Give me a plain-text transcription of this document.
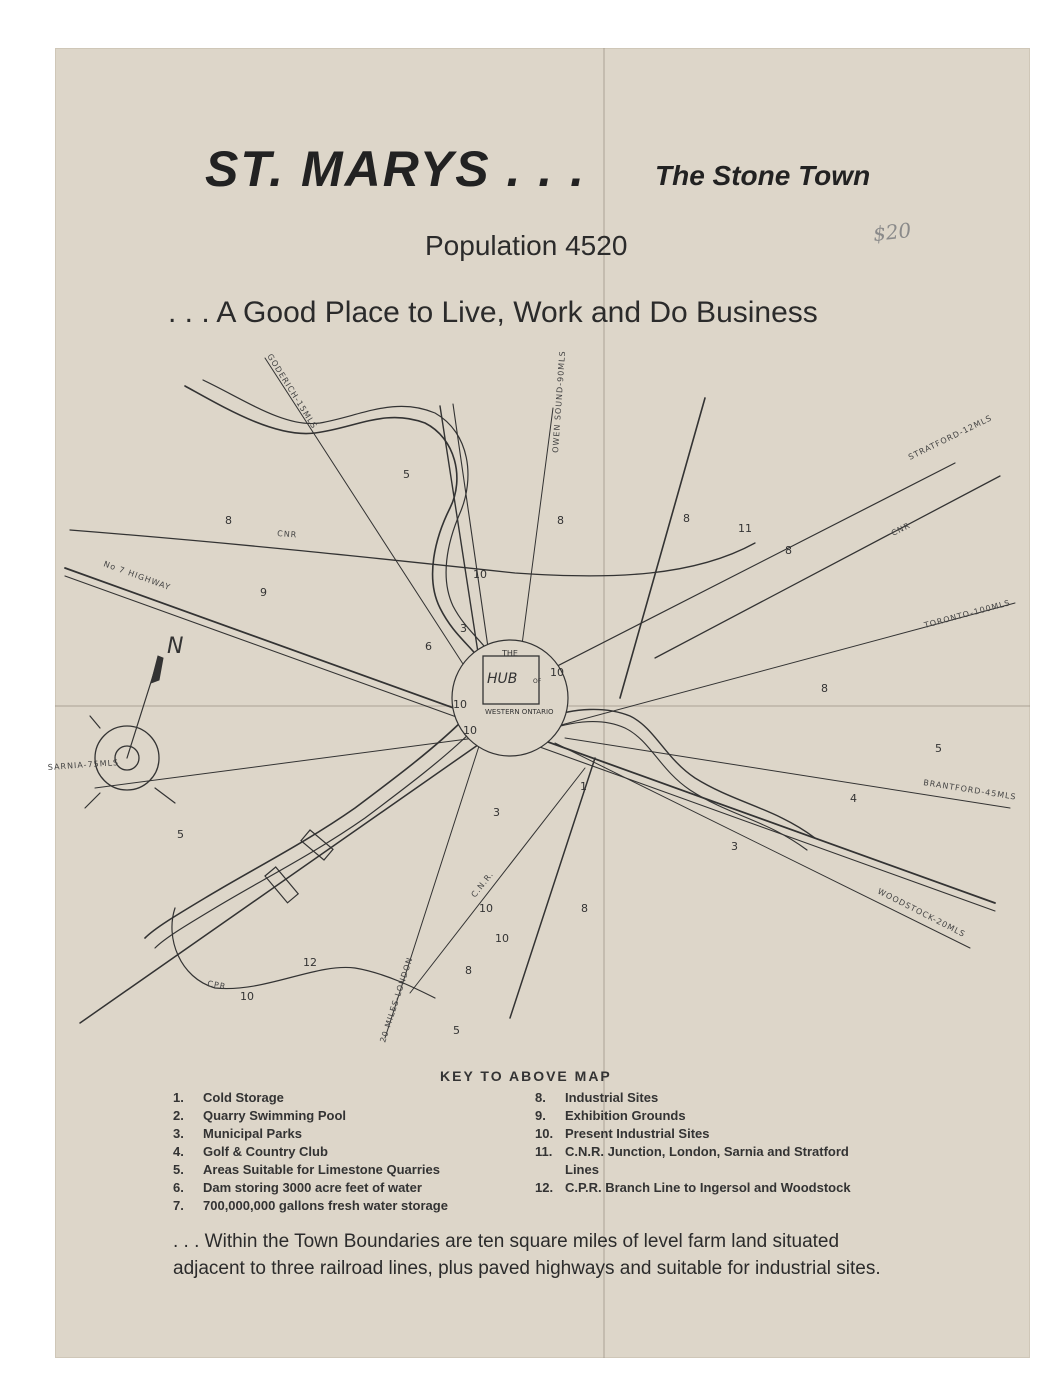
ST. MARYS . . . The Stone Town
$20
Population 4520
. . . A Good Place to Live, Work and Do Business
THE
HUB	OF
WESTERN ONTARIO
N
GODERICH-15MLS	OWEN SOUND-90MLS	STRATFORD-12MLS
CNR
TORONTO-100MLS
CNR
No 7 HIGHWAY
SARNIA-75MLS
BRANTFORD-45MLS
WOODSTOCK-20MLS
20 MILES-LONDON
C.N.R.
CPR
5
8	8	8
11
8
10
9
3
6
10
10
10
8
5
5
1
3
4
3
8
10
10
8
5
12
10
KEY TO ABOVE MAP
1.	Cold Storage
2.	Quarry Swimming Pool
3.	Municipal Parks
4.	Golf & Country Club
5.	Areas Suitable for Limestone Quarries
6.	Dam storing 3000 acre feet of water
7.	700,000,000 gallons fresh water storage
8.	Industrial Sites
9.	Exhibition Grounds
10. Present Industrial Sites
11. C.N.R. Junction, London, Sarnia and Stratford Lines
12. C.P.R. Branch Line to Ingersol and Woodstock
. . . Within the Town Boundaries are ten square miles of level farm land situated adjacent to three railroad lines, plus paved highways and suitable for industrial sites.
